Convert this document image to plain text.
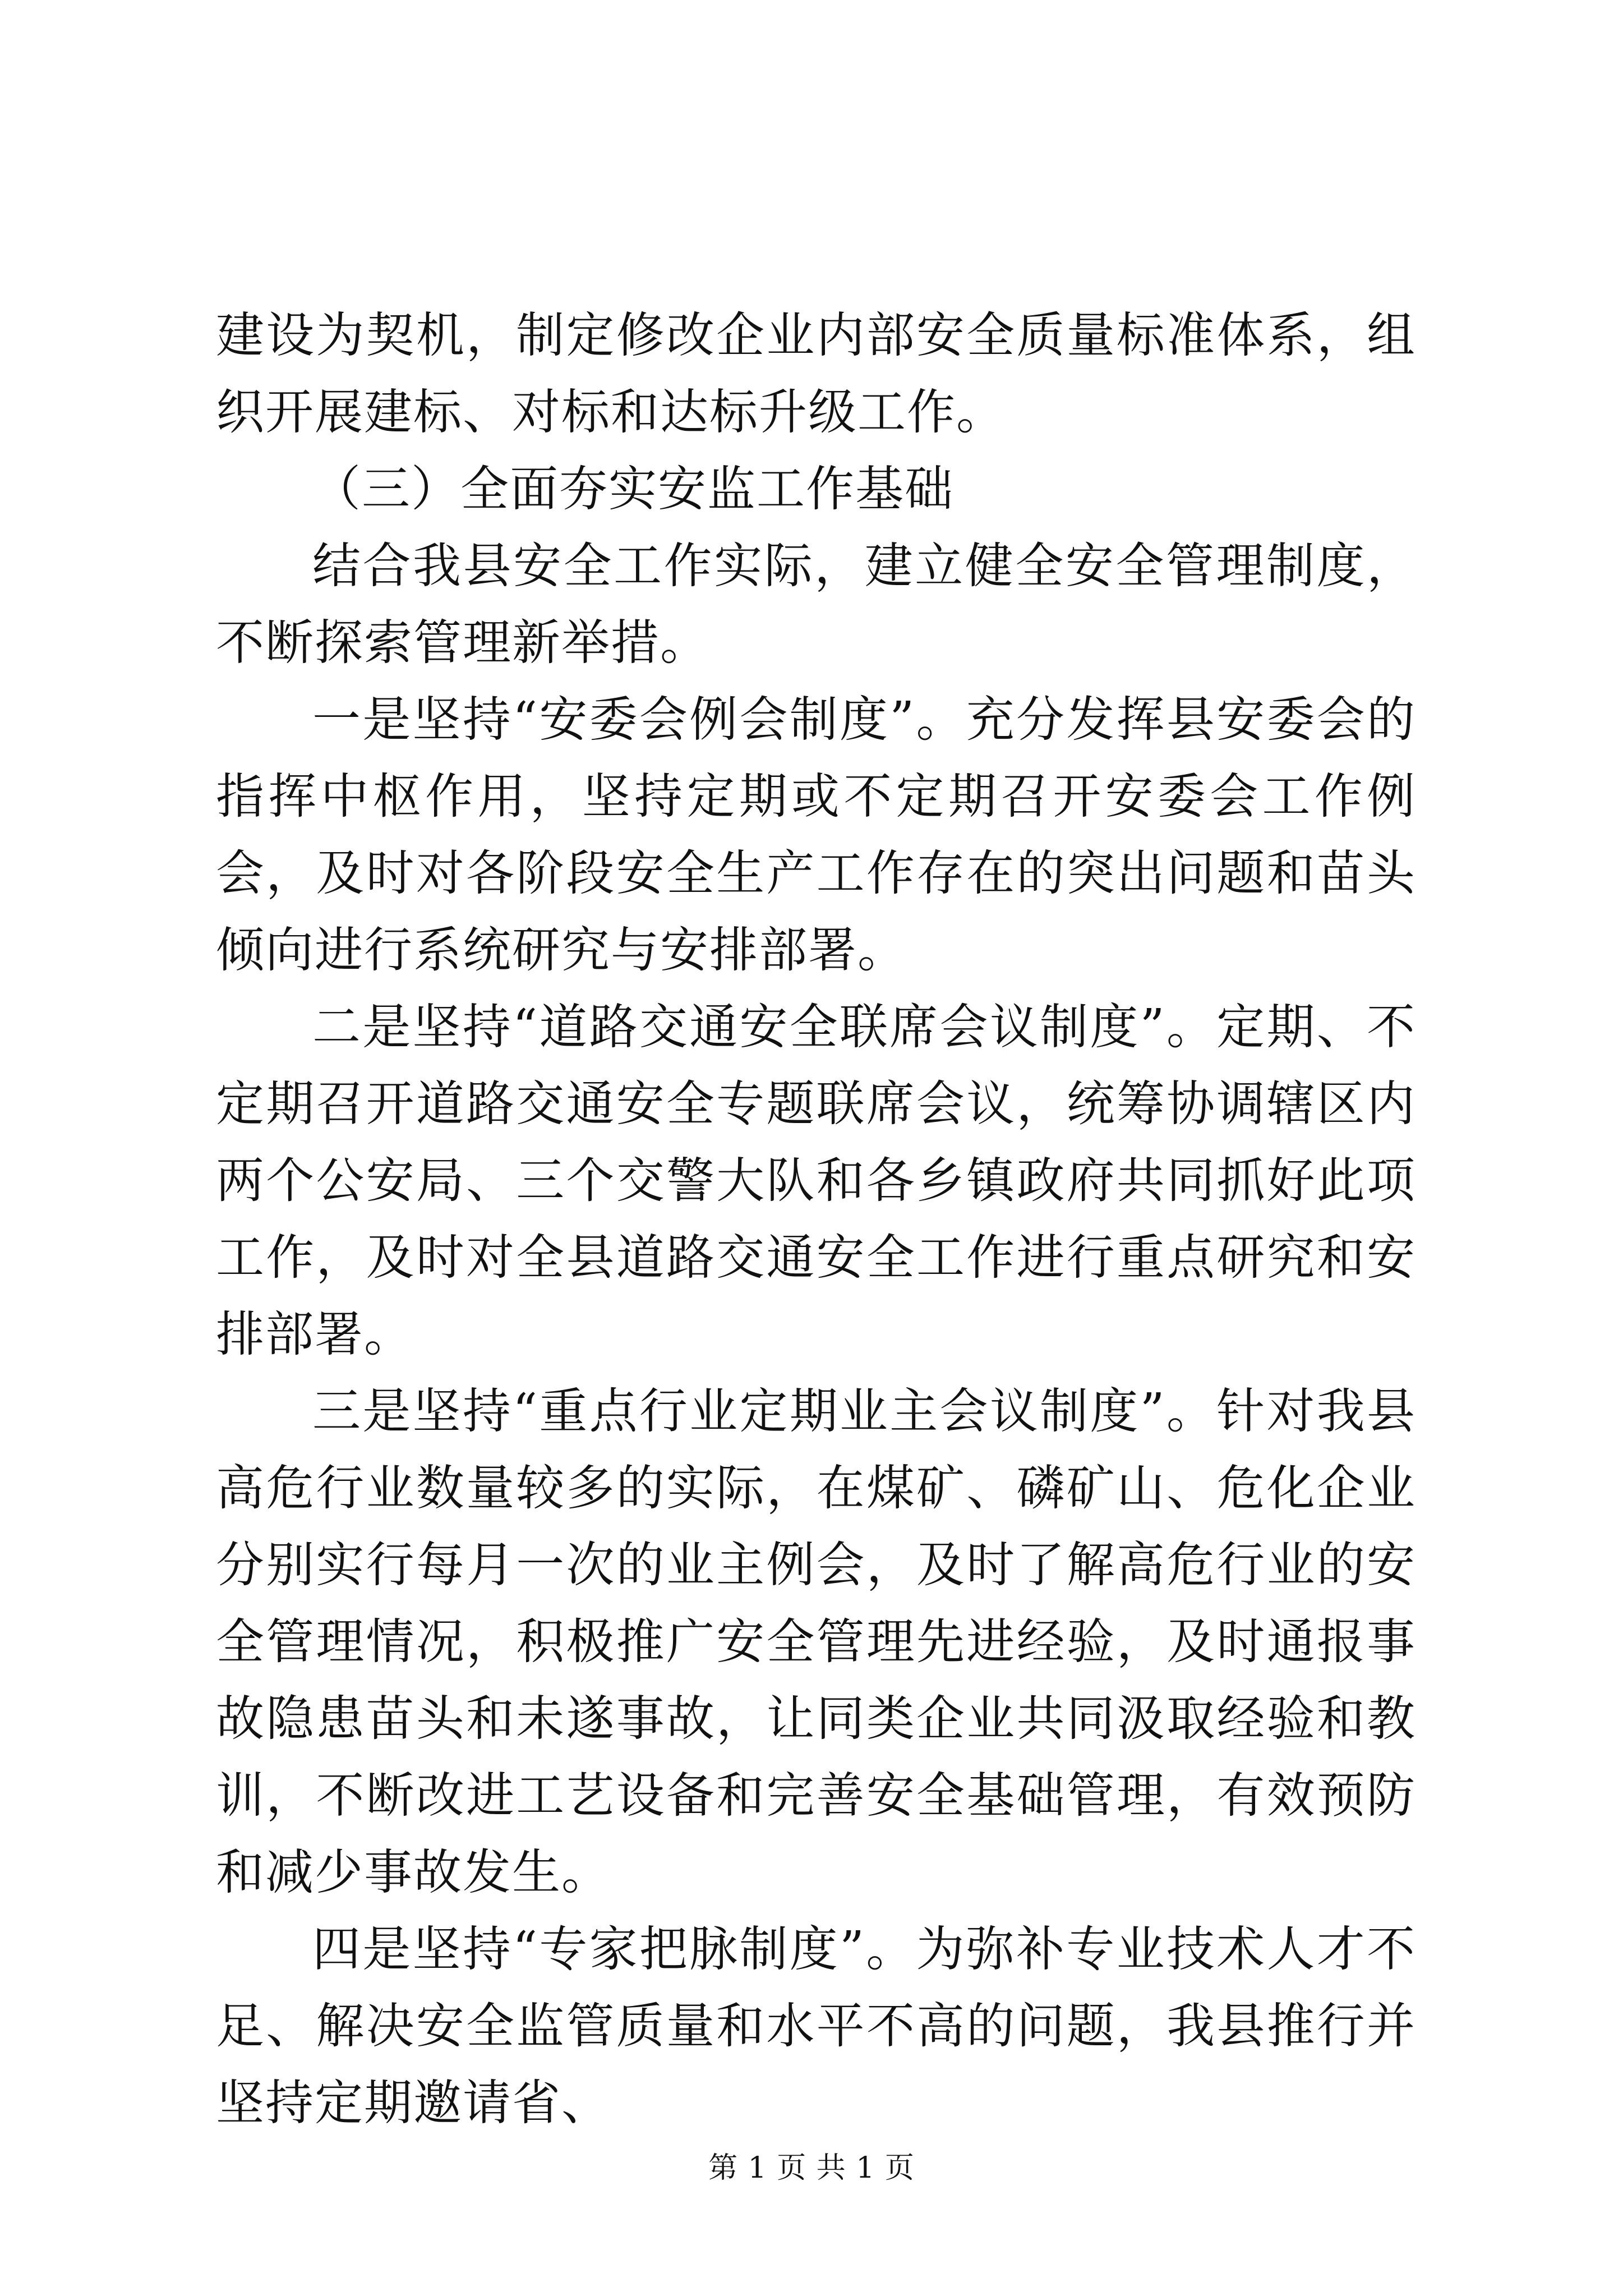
建设为契机，制定修改企业内部安全质量标准体系，组织开展建标、对标和达标升级工作。

（三）全面夯实安监工作基础

结合我县安全工作实际，建立健全安全管理制度，不断探索管理新举措。

一是坚持“安委会例会制度”。充分发挥县安委会的指挥中枢作用，坚持定期或不定期召开安委会工作例会，及时对各阶段安全生产工作存在的突出问题和苗头倾向进行系统研究与安排部署。

二是坚持“道路交通安全联席会议制度”。定期、不定期召开道路交通安全专题联席会议，统筹协调辖区内两个公安局、三个交警大队和各乡镇政府共同抓好此项工作，及时对全县道路交通安全工作进行重点研究和安排部署。

三是坚持“重点行业定期业主会议制度”。针对我县高危行业数量较多的实际，在煤矿、磷矿山、危化企业分别实行每月一次的业主例会，及时了解高危行业的安全管理情况，积极推广安全管理先进经验，及时通报事故隐患苗头和未遂事故，让同类企业共同汲取经验和教训，不断改进工艺设备和完善安全基础管理，有效预防和减少事故发生。

四是坚持“专家把脉制度”。为弥补专业技术人才不足、解决安全监管质量和水平不高的问题，我县推行并坚持定期邀请省、

第 1 页 共 1 页
